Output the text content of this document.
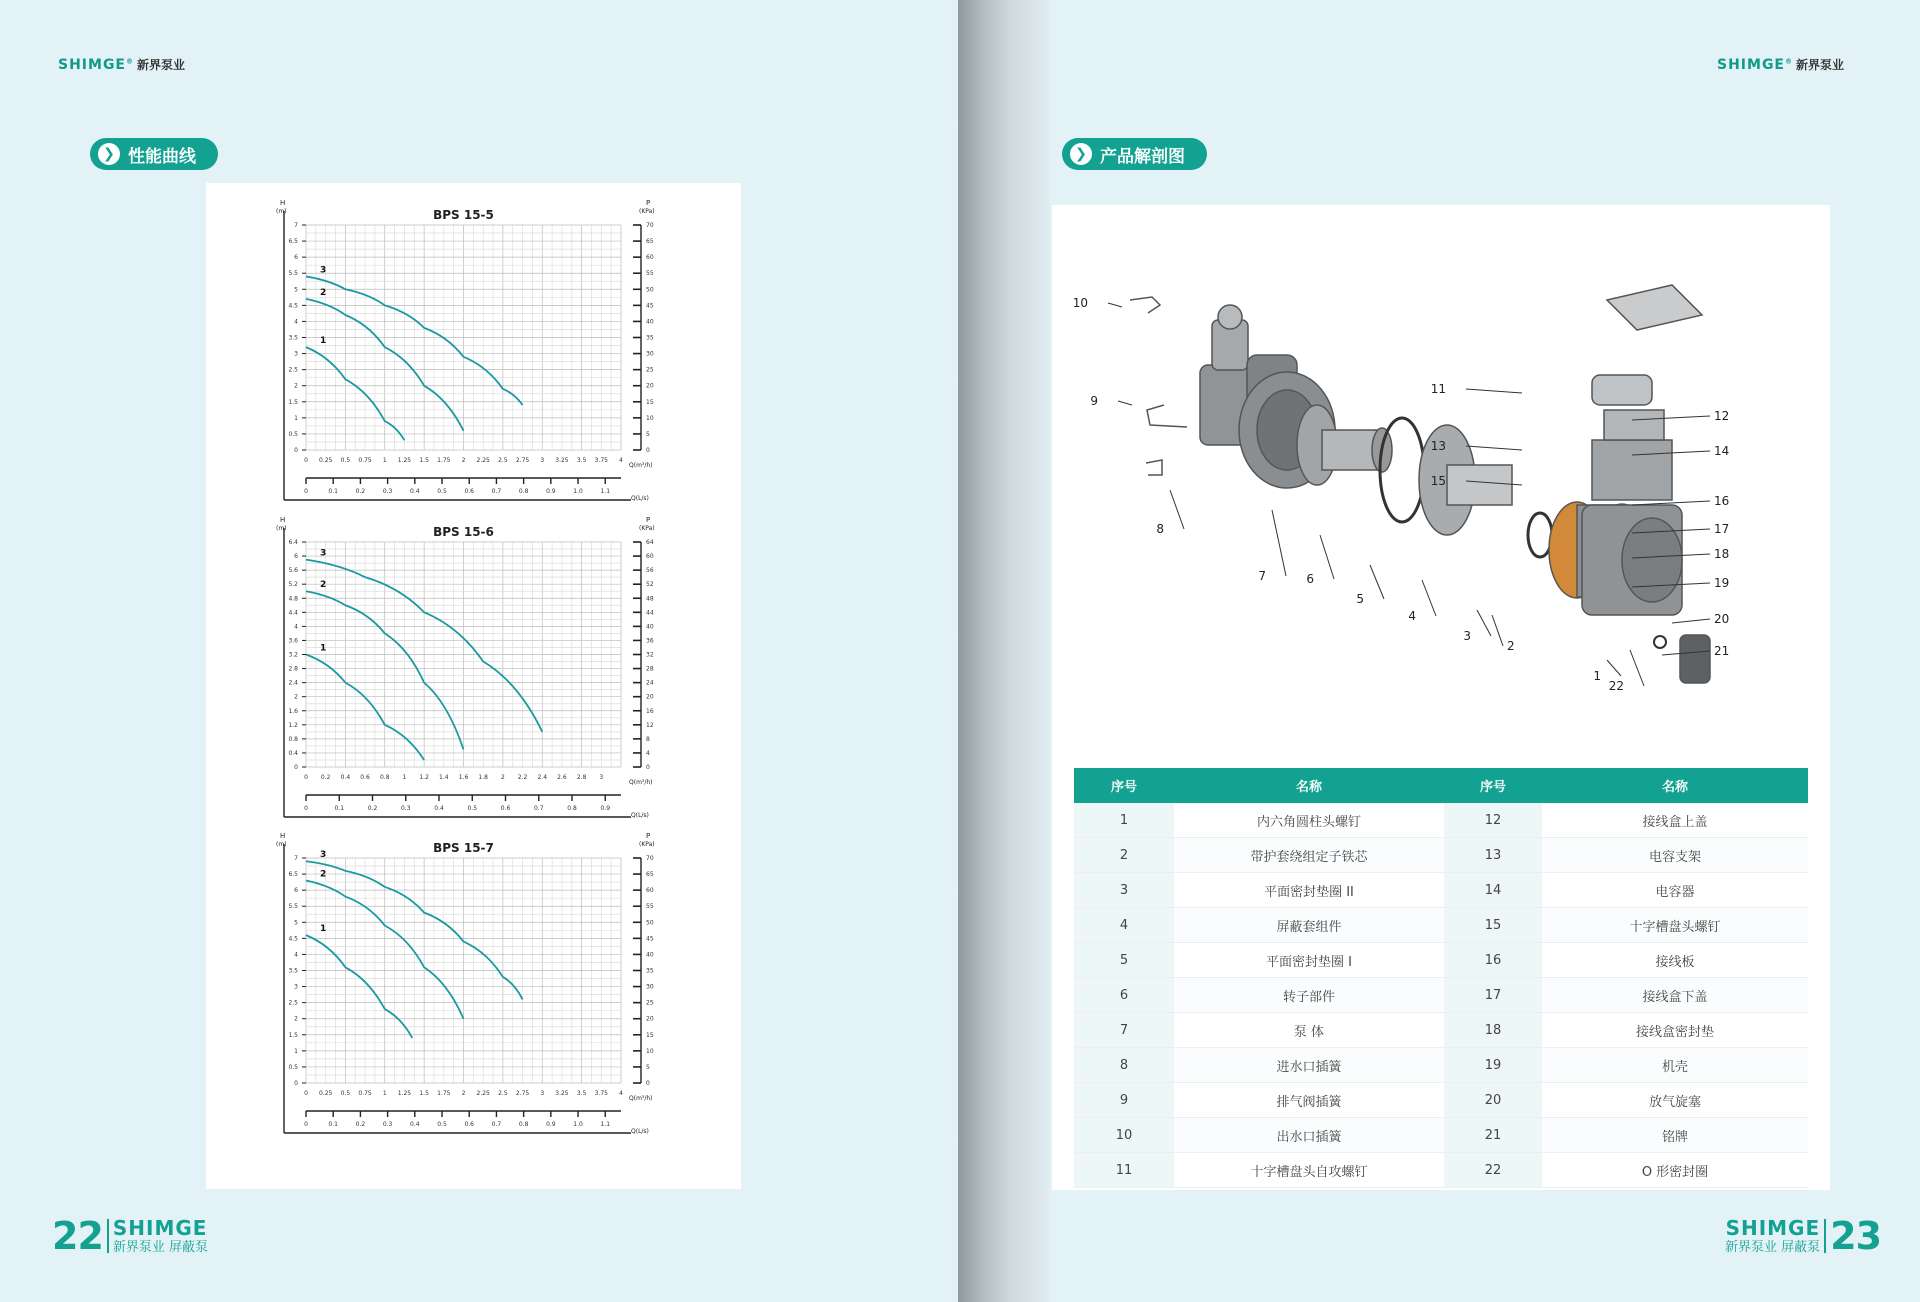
SHIMGE® 新界泵业	SHIMGE® 新界泵业
❯ 性能曲线	❯ 产品解剖图
BPS 15-5
H
(m)
P
(KPa)
Q(m³/h)
Q(L/s)
0
0.5
1
1.5
2
2.5
3
3.5
4
4.5
5
5.5
6
6.5
7
0
5
10
15
20
25
30
35
40
45
50
55
60
65
70
0 0.25 0.5 0.75 1 1.25 1.5 1.75 2 2.25 2.5 2.75 3 3.25 3.5 3.75 4
0	0.1	0.2	0.3	0.4	0.5	0.6	0.7	0.8	0.9	1.0	1.1
1
2
3
BPS 15-6
H
(m)
P
(KPa)
Q(m³/h)
Q(L/s)
0
0.4
0.8
1.2
1.6
2
2.4
2.8
3.2
3.6
4
4.4
4.8
5.2
5.6
6
6.4
0
4
8
12
16
20
24
28
32
36
40
44
48
52
56
60
64
0 0.2 0.4 0.6 0.8 1 1.2 1.4 1.6 1.8 2 2.2 2.4 2.6 2.8 3
0	0.1	0.2	0.3	0.4	0.5	0.6	0.7	0.8	0.9
1
2
3
BPS 15-7
H
(m)
P
(KPa)
Q(m³/h)
Q(L/s)
0
0.5
1
1.5
2
2.5
3
3.5
4
4.5
5
5.5
6
6.5
7
0
5
10
15
20
25
30
35
40
45
50
55
60
65
70
0 0.25 0.5 0.75 1 1.25 1.5 1.75 2 2.25 2.5 2.75 3 3.25 3.5 3.75 4
0	0.1	0.2	0.3	0.4	0.5	0.6	0.7	0.8	0.9	1.0	1.1
1
2
3
1
2
3
4
5
6
7
8
9
10
11
12
13	14
15
16
17
18
19
20
21
22
序号	名称	序号	名称
1	内六角圆柱头螺钉	12	接线盒上盖
2	带护套绕组定子铁芯	13	电容支架
3	平面密封垫圈 II	14	电容器
4	屏蔽套组件	15	十字槽盘头螺钉
5	平面密封垫圈 I	16	接线板
6	转子部件	17	接线盒下盖
7	泵 体	18	接线盒密封垫
8	进水口插簧	19	机壳
9	排气阀插簧	20	放气旋塞
10	出水口插簧	21	铭牌
11	十字槽盘头自攻螺钉	22	O 形密封圈
22 SHIMGE
新界泵业 屏蔽泵
SHIMGE
新界泵业 屏蔽泵 23
